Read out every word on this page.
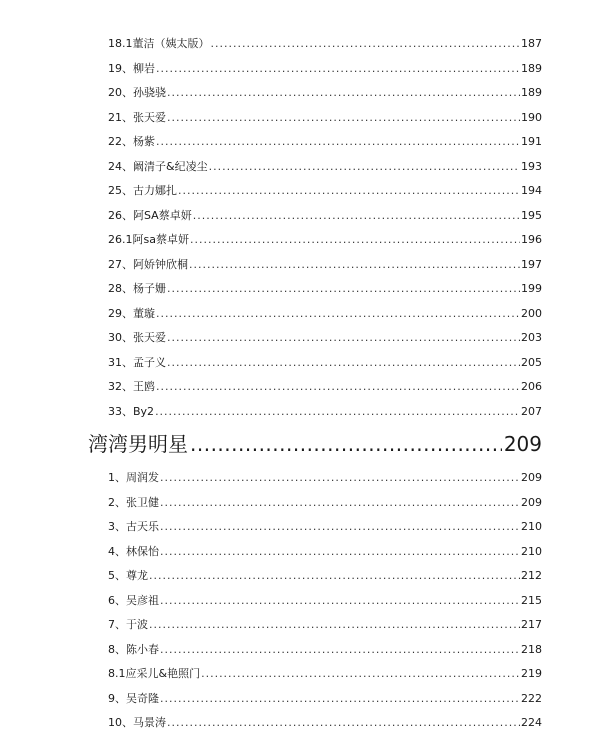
18.1董洁（姨太版） .....	187
19、柳岩 .....	189
20、孙骁骁 .....	189
21、张天爱 .....	190
22、杨紫 .....	191
24、阚清子&纪凌尘 .....	193
25、古力娜扎 .....	194
26、阿SA蔡卓妍 .....	195
26.1阿sa蔡卓妍 .....	196
27、阿娇钟欣桐 .....	197
28、杨子姗 .....	199
29、董璇 .....	200
30、张天爱 .....	203
31、孟子义 .....	205
32、王鸥 .....	206
33、By2 .....	207
湾湾男明星 .....	209
1、周润发 .....	209
2、张卫健 .....	209
3、古天乐 .....	210
4、林保怡 .....	210
5、尊龙 .....	212
6、吴彦祖 .....	215
7、于波 .....	217
8、陈小春 .....	218
8.1应采儿&艳照门 .....	219
9、吴奇隆 .....	222
10、马景涛 .....	224
